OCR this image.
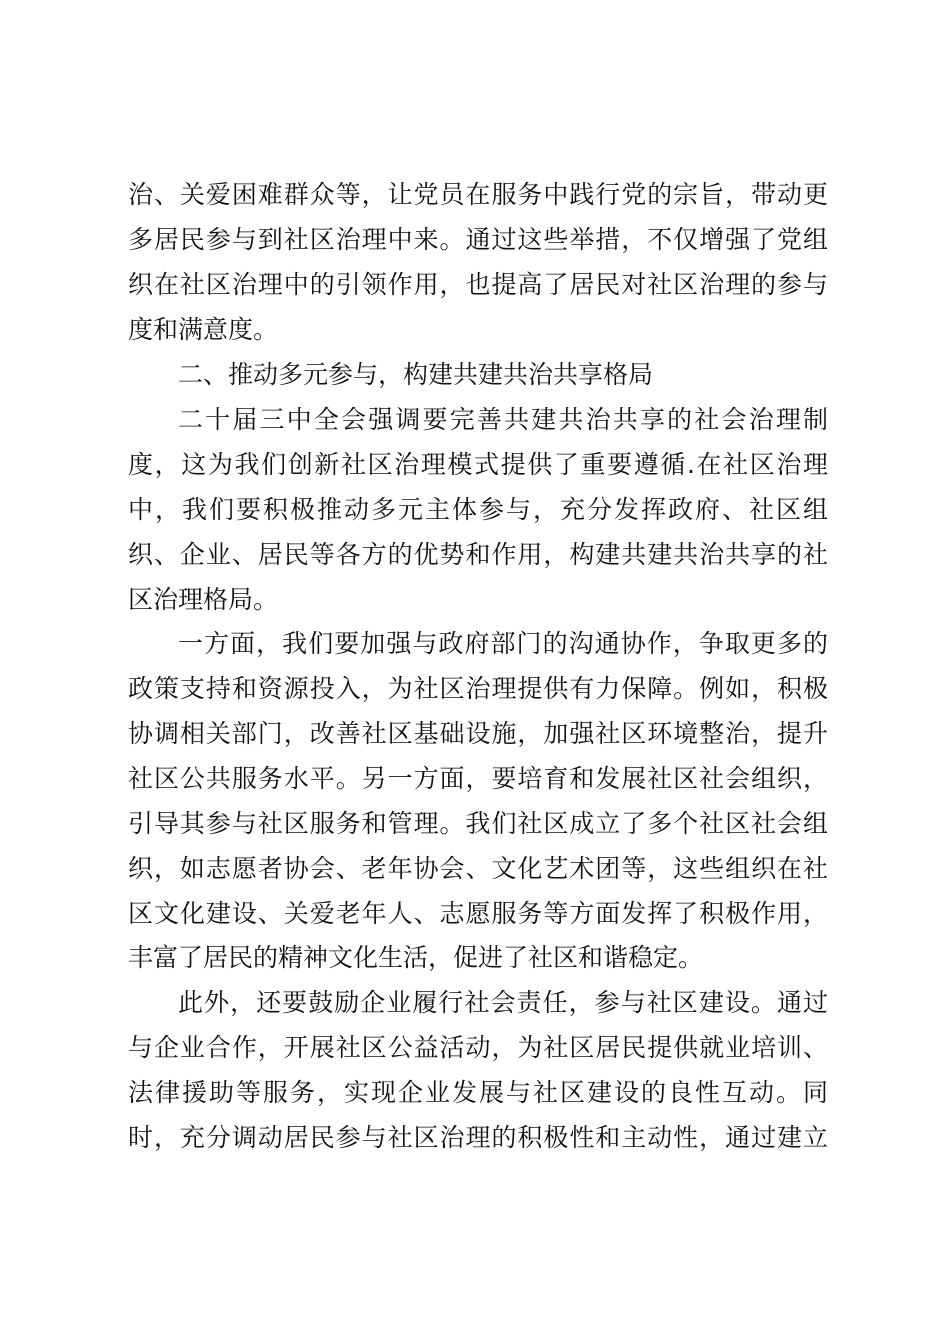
治、关爱困难群众等，让党员在服务中践行党的宗旨，带动更
多居民参与到社区治理中来。通过这些举措，不仅增强了党组
织在社区治理中的引领作用，也提高了居民对社区治理的参与
度和满意度。
二、推动多元参与，构建共建共治共享格局
二十届三中全会强调要完善共建共治共享的社会治理制
度，这为我们创新社区治理模式提供了重要遵循.在社区治理
中，我们要积极推动多元主体参与，充分发挥政府、社区组
织、企业、居民等各方的优势和作用，构建共建共治共享的社
区治理格局。
一方面，我们要加强与政府部门的沟通协作，争取更多的
政策支持和资源投入，为社区治理提供有力保障。例如，积极
协调相关部门，改善社区基础设施，加强社区环境整治，提升
社区公共服务水平。另一方面，要培育和发展社区社会组织，
引导其参与社区服务和管理。我们社区成立了多个社区社会组
织，如志愿者协会、老年协会、文化艺术团等，这些组织在社
区文化建设、关爱老年人、志愿服务等方面发挥了积极作用，
丰富了居民的精神文化生活，促进了社区和谐稳定。
此外，还要鼓励企业履行社会责任，参与社区建设。通过
与企业合作，开展社区公益活动，为社区居民提供就业培训、
法律援助等服务，实现企业发展与社区建设的良性互动。同
时，充分调动居民参与社区治理的积极性和主动性，通过建立
